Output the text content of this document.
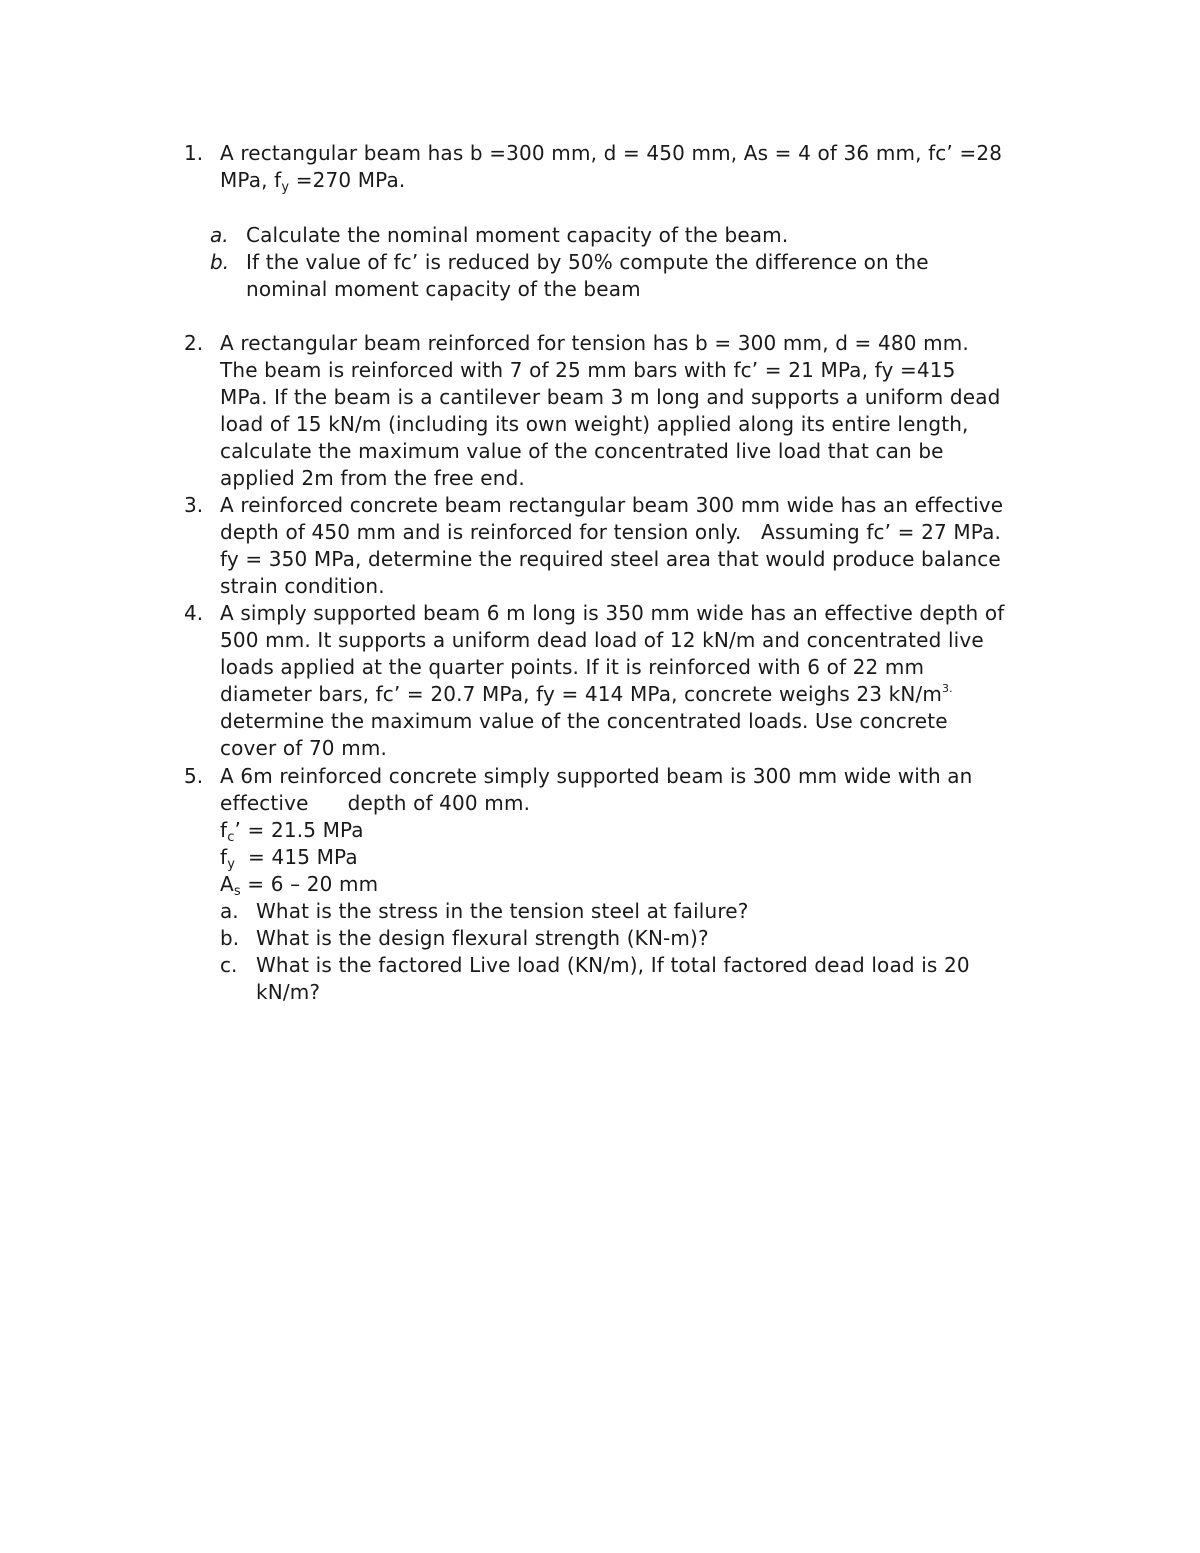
1. A rectangular beam has b =300 mm, d = 450 mm, As = 4 of 36 mm, fc’ =28
MPa, $f_y =270$ MPa.
a. Calculate the nominal moment capacity of the beam.
b. If the value of fc’ is reduced by 50% compute the difference on the
nominal moment capacity of the beam
2. A rectangular beam reinforced for tension has b = 300 mm, d = 480 mm.
The beam is reinforced with 7 of 25 mm bars with fc’ = 21 MPa, fy =415
MPa. If the beam is a cantilever beam 3 m long and supports a uniform dead
load of 15 kN/m (including its own weight) applied along its entire length,
calculate the maximum value of the concentrated live load that can be
applied 2m from the free end.
3. A reinforced concrete beam rectangular beam 300 mm wide has an effective
depth of 450 mm and is reinforced for tension only.   Assuming fc’ = 27 MPa.
fy = 350 MPa, determine the required steel area that would produce balance
strain condition.
4. A simply supported beam 6 m long is 350 mm wide has an effective depth of
500 mm. It supports a uniform dead load of 12 kN/m and concentrated live
loads applied at the quarter points. If it is reinforced with 6 of 22 mm
diameter bars, fc’ = 20.7 MPa, fy = 414 MPa, concrete weighs 23 $kN/m^{3.}$
determine the maximum value of the concentrated loads. Use concrete
cover of 70 mm.
5. A 6m reinforced concrete simply supported beam is 300 mm wide with an
effective      depth of 400 mm.
$f_c$’ = 21.5 MPa
$f_y = 415$ MPa
$A_s = 6 - 20$ mm
a. What is the stress in the tension steel at failure?
b. What is the design flexural strength (KN-m)?
c. What is the factored Live load (KN/m), If total factored dead load is 20
kN/m?
